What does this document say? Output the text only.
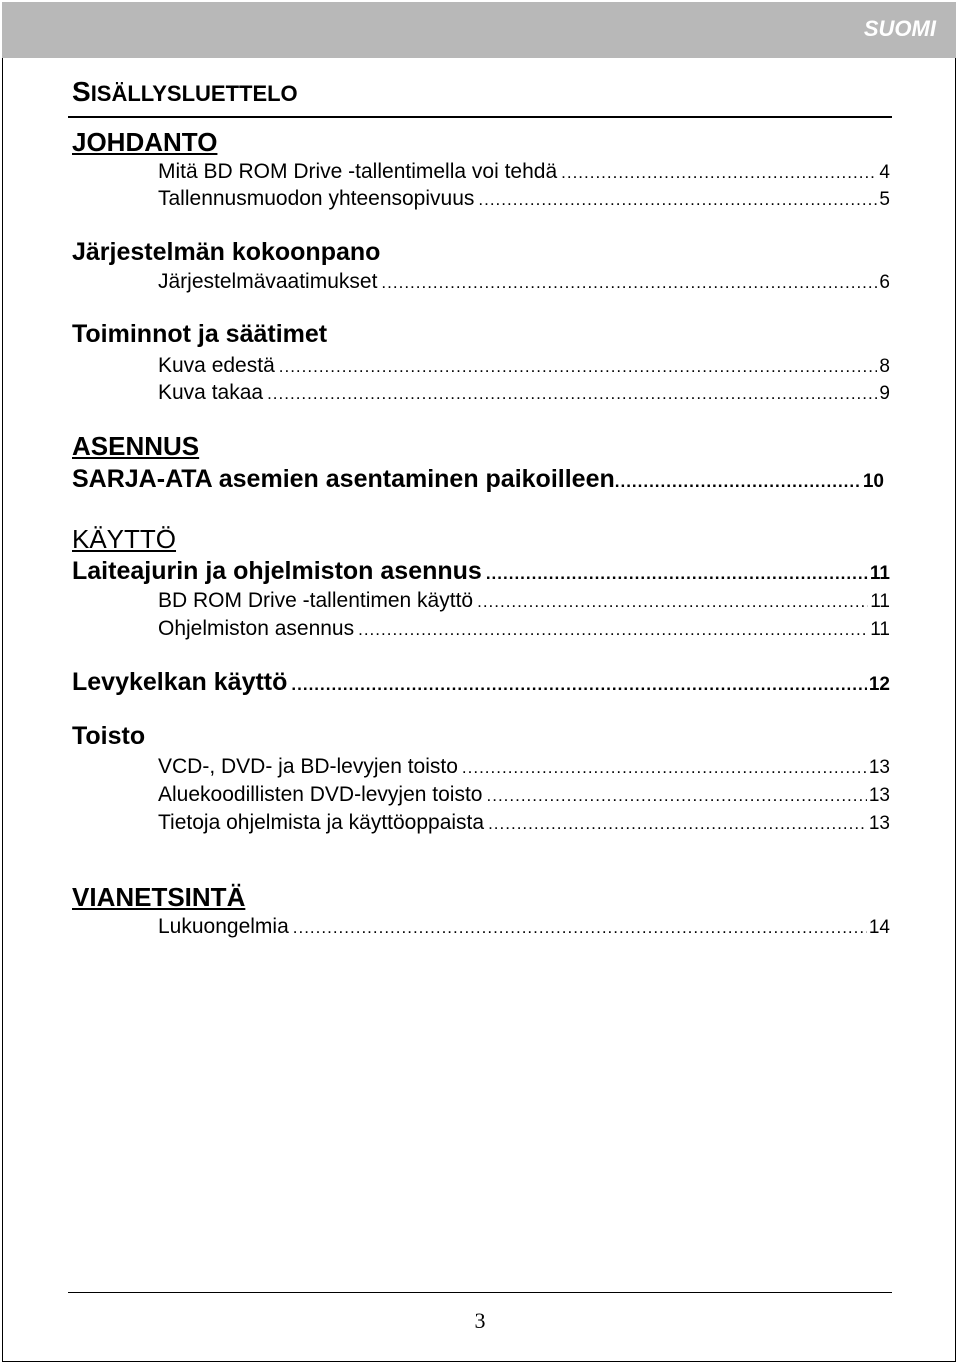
SUOMI
SISÄLLYSLUETTELO
JOHDANTO
Mitä BD ROM Drive -tallentimella voi tehdä .....	4
Tallennusmuodon yhteensopivuus .....	5
Järjestelmän kokoonpano
Järjestelmävaatimukset .....	6
Toiminnot ja säätimet
Kuva edestä .....	8
Kuva takaa .....	9
ASENNUS
SARJA-ATA asemien asentaminen paikoilleen .....	10
KÄYTTÖ
Laiteajurin ja ohjelmiston asennus .....	11
BD ROM Drive -tallentimen käyttö .....	11
Ohjelmiston asennus .....	11
Levykelkan käyttö .....	12
Toisto
VCD-, DVD- ja BD-levyjen toisto .....	13
Aluekoodillisten DVD-levyjen toisto .....	13
Tietoja ohjelmista ja käyttöoppaista .....	13
VIANETSINTÄ
Lukuongelmia .....	14
3
